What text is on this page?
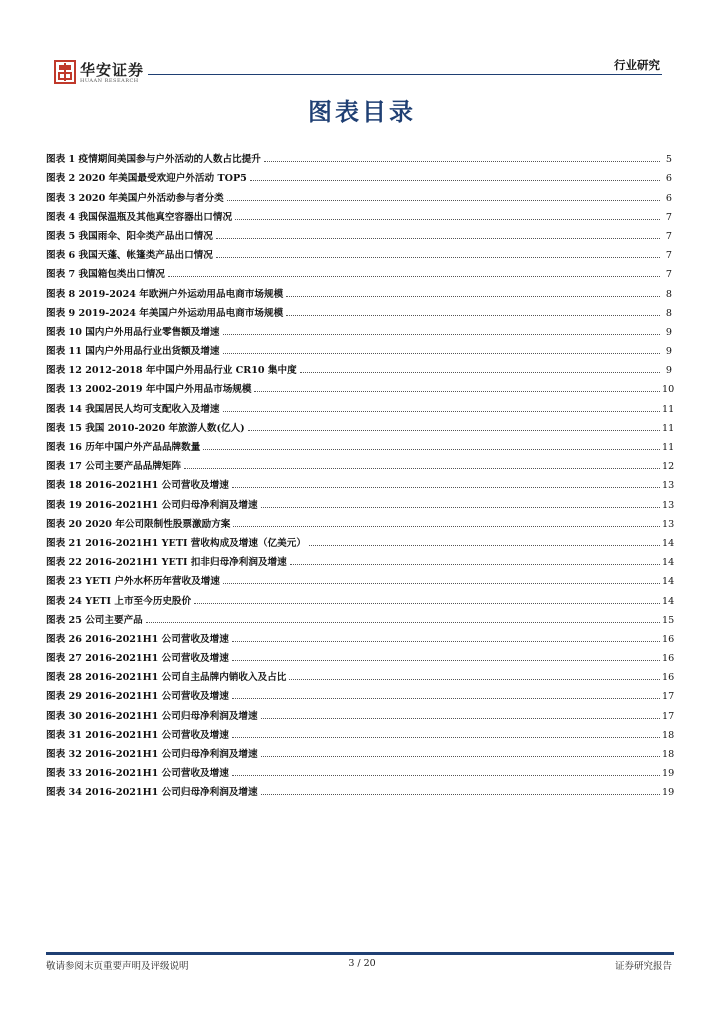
华安证券
HUAAN RESEARCH
行业研究
图表目录
图表 1 疫情期间美国参与户外活动的人数占比提升	5
图表 2 2020 年美国最受欢迎户外活动 TOP5	6
图表 3 2020 年美国户外活动参与者分类	6
图表 4 我国保温瓶及其他真空容器出口情况	7
图表 5 我国雨伞、阳伞类产品出口情况	7
图表 6 我国天蓬、帐篷类产品出口情况	7
图表 7 我国箱包类出口情况	7
图表 8 2019-2024 年欧洲户外运动用品电商市场规模	8
图表 9 2019-2024 年美国户外运动用品电商市场规模	8
图表 10 国内户外用品行业零售额及增速	9
图表 11 国内户外用品行业出货额及增速	9
图表 12 2012-2018 年中国户外用品行业 CR10 集中度	9
图表 13 2002-2019 年中国户外用品市场规模	10
图表 14 我国居民人均可支配收入及增速	11
图表 15 我国 2010-2020 年旅游人数(亿人)	11
图表 16 历年中国户外产品品牌数量	11
图表 17 公司主要产品品牌矩阵	12
图表 18 2016-2021H1 公司营收及增速	13
图表 19 2016-2021H1 公司归母净利润及增速	13
图表 20 2020 年公司限制性股票激励方案	13
图表 21 2016-2021H1 YETI 营收构成及增速（亿美元）	14
图表 22 2016-2021H1 YETI 扣非归母净利润及增速	14
图表 23 YETI 户外水杯历年营收及增速	14
图表 24 YETI 上市至今历史股价	14
图表 25 公司主要产品	15
图表 26 2016-2021H1 公司营收及增速	16
图表 27 2016-2021H1 公司营收及增速	16
图表 28 2016-2021H1 公司自主品牌内销收入及占比	16
图表 29 2016-2021H1 公司营收及增速	17
图表 30 2016-2021H1 公司归母净利润及增速	17
图表 31 2016-2021H1 公司营收及增速	18
图表 32 2016-2021H1 公司归母净利润及增速	18
图表 33 2016-2021H1 公司营收及增速	19
图表 34 2016-2021H1 公司归母净利润及增速	19
敬请参阅末页重要声明及评级说明	3 / 20	证券研究报告
